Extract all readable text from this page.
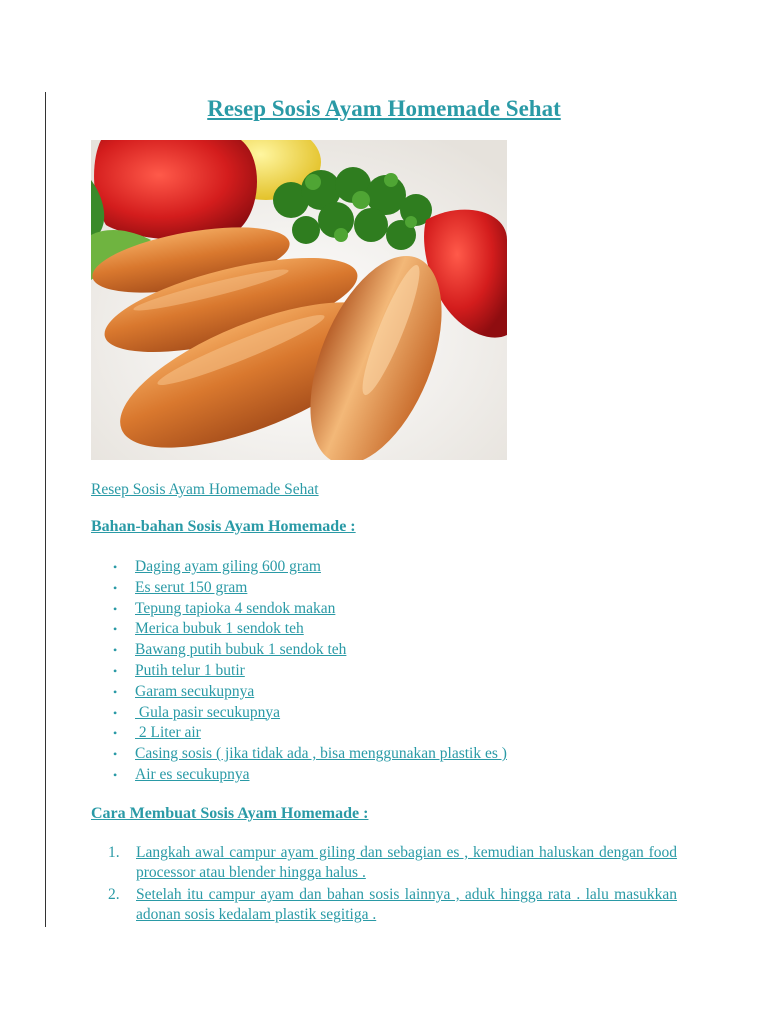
Resep Sosis Ayam Homemade Sehat
Resep Sosis Ayam Homemade Sehat
Bahan-bahan Sosis Ayam Homemade :
•	Daging ayam giling 600 gram
•	Es serut 150 gram
•	Tepung tapioka 4 sendok makan
•	Merica bubuk 1 sendok teh
•	Bawang putih bubuk 1 sendok teh
•	Putih telur 1 butir
•	Garam secukupnya
•	Gula pasir secukupnya
•	2 Liter air
•	Casing sosis ( jika tidak ada , bisa menggunakan plastik es )
•	Air es secukupnya
Cara Membuat Sosis Ayam Homemade :
1.	Langkah awal campur ayam giling dan sebagian es , kemudian haluskan dengan food processor atau blender hingga halus .
2.	Setelah itu campur ayam dan bahan sosis lainnya , aduk hingga rata . lalu masukkan adonan sosis kedalam plastik segitiga .
